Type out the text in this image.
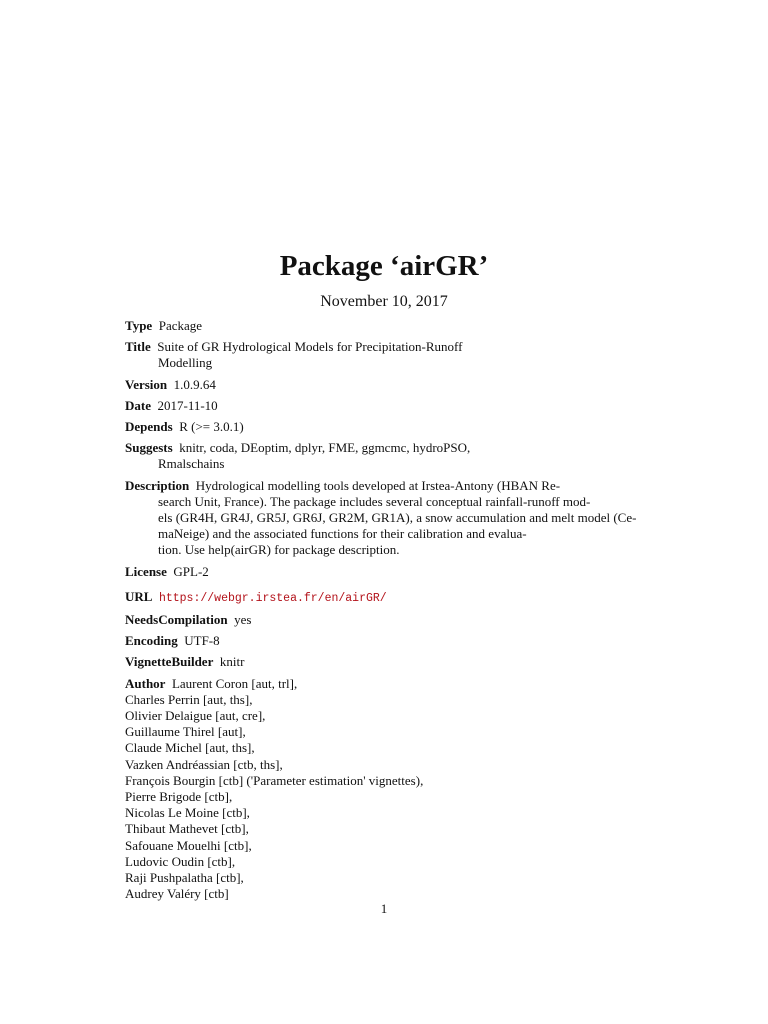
Package ‘airGR’
November 10, 2017
Type Package
Title Suite of GR Hydrological Models for Precipitation-Runoff
Modelling
Version 1.0.9.64
Date 2017-11-10
Depends R (>= 3.0.1)
Suggests knitr, coda, DEoptim, dplyr, FME, ggmcmc, hydroPSO,
Rmalschains
Description Hydrological modelling tools developed at Irstea-Antony (HBAN Re-
search Unit, France). The package includes several conceptual rainfall-runoff mod-
els (GR4H, GR4J, GR5J, GR6J, GR2M, GR1A), a snow accumulation and melt model (Ce-
maNeige) and the associated functions for their calibration and evalua-
tion. Use help(airGR) for package description.
License GPL-2
URL https://webgr.irstea.fr/en/airGR/
NeedsCompilation yes
Encoding UTF-8
VignetteBuilder knitr
Author Laurent Coron [aut, trl],
Charles Perrin [aut, ths],
Olivier Delaigue [aut, cre],
Guillaume Thirel [aut],
Claude Michel [aut, ths],
Vazken Andréassian [ctb, ths],
François Bourgin [ctb] ('Parameter estimation' vignettes),
Pierre Brigode [ctb],
Nicolas Le Moine [ctb],
Thibaut Mathevet [ctb],
Safouane Mouelhi [ctb],
Ludovic Oudin [ctb],
Raji Pushpalatha [ctb],
Audrey Valéry [ctb]
1
